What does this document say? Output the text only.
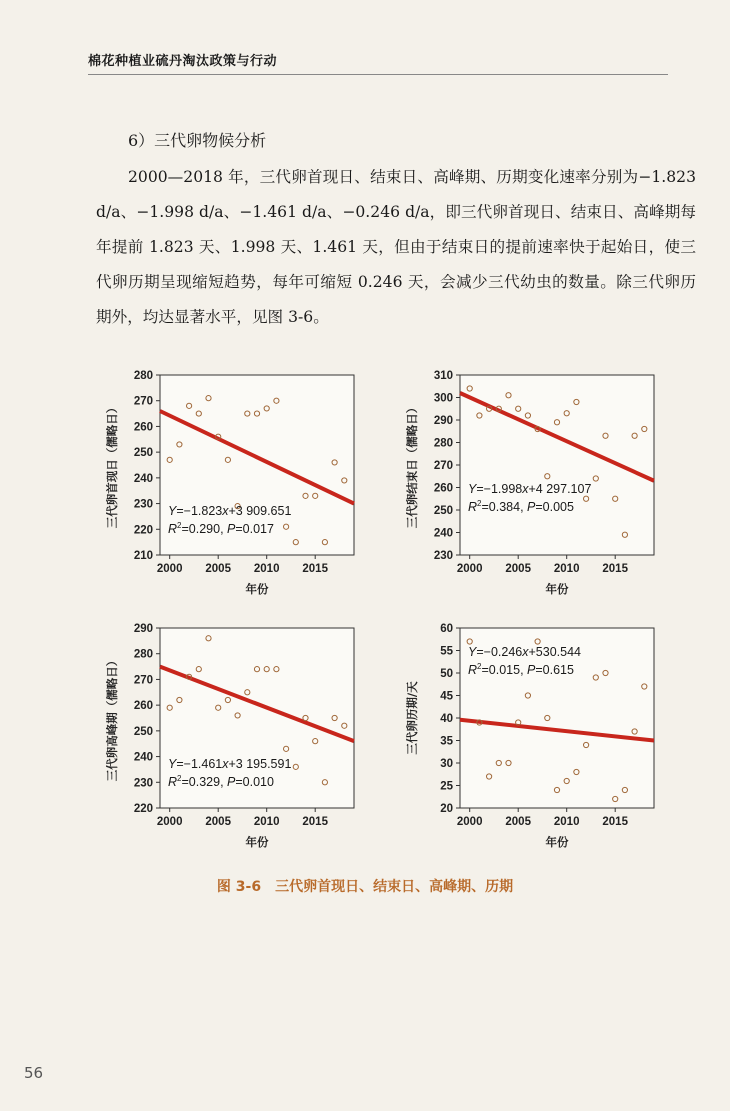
棉花种植业硫丹淘汰政策与行动
6）三代卵物候分析
2000—2018 年，三代卵首现日、结束日、高峰期、历期变化速率分别为−1.823 d/a、−1.998 d/a、−1.461 d/a、−0.246 d/a，即三代卵首现日、结束日、高峰期每年提前 1.823 天、1.998 天、1.461 天，但由于结束日的提前速率快于起始日，使三代卵历期呈现缩短趋势，每年可缩短 0.246 天，会减少三代幼虫的数量。除三代卵历期外，均达显著水平，见图 3-6。
210
220
230
240
250
260
270
280
2000 2005 2010 2015
年份
三代卵首现日（儒略日）	Y=−1.823x+3 909.651
$R^2=0.290$, P=0.017
230
240
250
260
270
280
290
300
310
2000 2005 2010 2015
年份
三代卵结束日（儒略日）	Y=−1.998x+4 297.107
$R^2=0.384$, P=0.005
220
230
240
250
260
270
280
290
2000 2005 2010 2015
年份
三代卵高峰期（儒略日）	Y=−1.461x+3 195.591
$R^2=0.329$, P=0.010
20
25
30
35
40
45
50
55
60
2000 2005 2010 2015
年份
三代卵历期/天
Y=−0.246x+530.544
$R^2=0.015$, P=0.615
图 3-6　三代卵首现日、结束日、高峰期、历期
56
